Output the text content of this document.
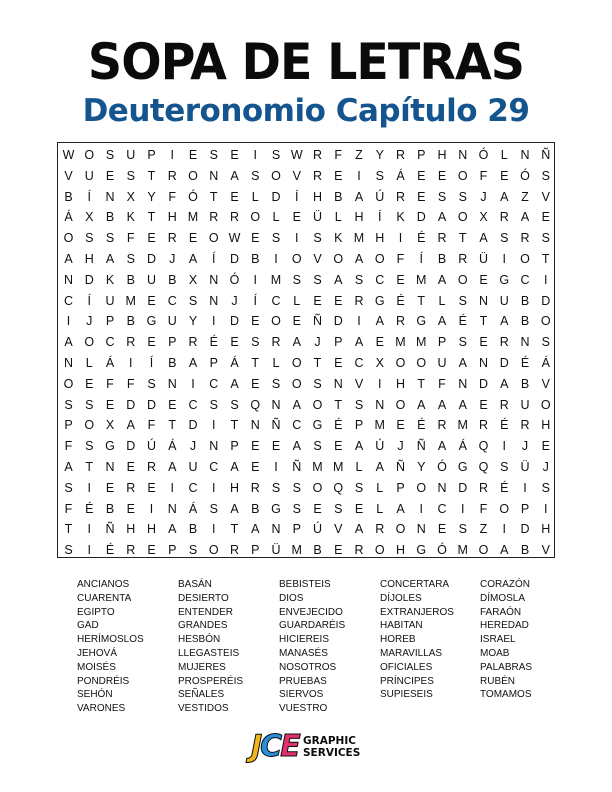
SOPA DE LETRAS
Deuteronomio Capítulo 29
W O S U P	I	E S E	I	S W R F	Z	Y R P H N Ó L	N Ñ
V U E S	T R O N A S O V R E	I	S Á E E O F	E Ó S
B	Í	N X Y	F Ó T	E	L	D	Í	H B A Ú R E S S	J	A	Z	V
Á X B K	T H M R R O L	E Ü	L	H	Í	K D A O X R A E
O S S	F	E R E O W E S	I	S K M H	I	É R T	A S R S
A H A S D	J	A	Í	D B	I	O V O A O F	Í	B R Ü	I	O T
N D K B U B X N Ó	I	M S S A S C E M A O E G C	I
C	Í	U M E C S N	J	Í	C	L	E E R G É	T	L	S N U B D
I	J	P B G U Y	I	D E O E Ñ D	I	A R G A É	T	A B O
A O C R E P R É E S R A	J	P A E M M P S E R N S
N	L	Á	I	Í	B A P Á	T	L O T	E C X O O U A N D É Á
O E	F	F	S N	I	C A E S O S N V	I	H T	F N D A B V
S S E D D E C S S Q N A O T	S N O A A A E R U O
P O X A	F	T D	I	T N Ñ C G É P M E É R M R É R H
F	S G D Ú Á	J	N P E E A S E A Ú	J	Ñ A Á Q	I	J	E
A	T N E R A U C A E	I	Ñ M M L	A Ñ Y Ó G Q S Ü	J
S	I	E R E	I	C	I	H R S S O Q S	L	P O N D R É	I	S
F	É B E	I	N Á S A B G S E S E	L	A	I	C	I	F O P	I
T	I	Ñ H H A B	I	T	A N P Ú V A R O N E S	Z	I	D H
S	I	É R E P S O R P Ü M B E R O H G Ó M O A B V
ANCIANOS
CUARENTA
EGIPTO
GAD
HERÍMOSLOS
JEHOVÁ
MOISÉS
PONDRÉIS
SEHÓN
VARONES
BASÁN
DESIERTO
ENTENDER
GRANDES
HESBÓN
LLEGASTEIS
MUJERES
PROSPERÉIS
SEÑALES
VESTIDOS
BEBISTEIS
DIOS
ENVEJECIDO
GUARDARÉIS
HICIEREIS
MANASÉS
NOSOTROS
PRUEBAS
SIERVOS
VUESTRO
CONCERTARA
DÍJOLES
EXTRANJEROS
HABITAN
HOREB
MARAVILLAS
OFICIALES
PRÍNCIPES
SUPIESEIS
CORAZÓN
DÍMOSLA
FARAÓN
HEREDAD
ISRAEL
MOAB
PALABRAS
RUBÉN
TOMAMOS
JCE GRAPHIC
SERVICES
